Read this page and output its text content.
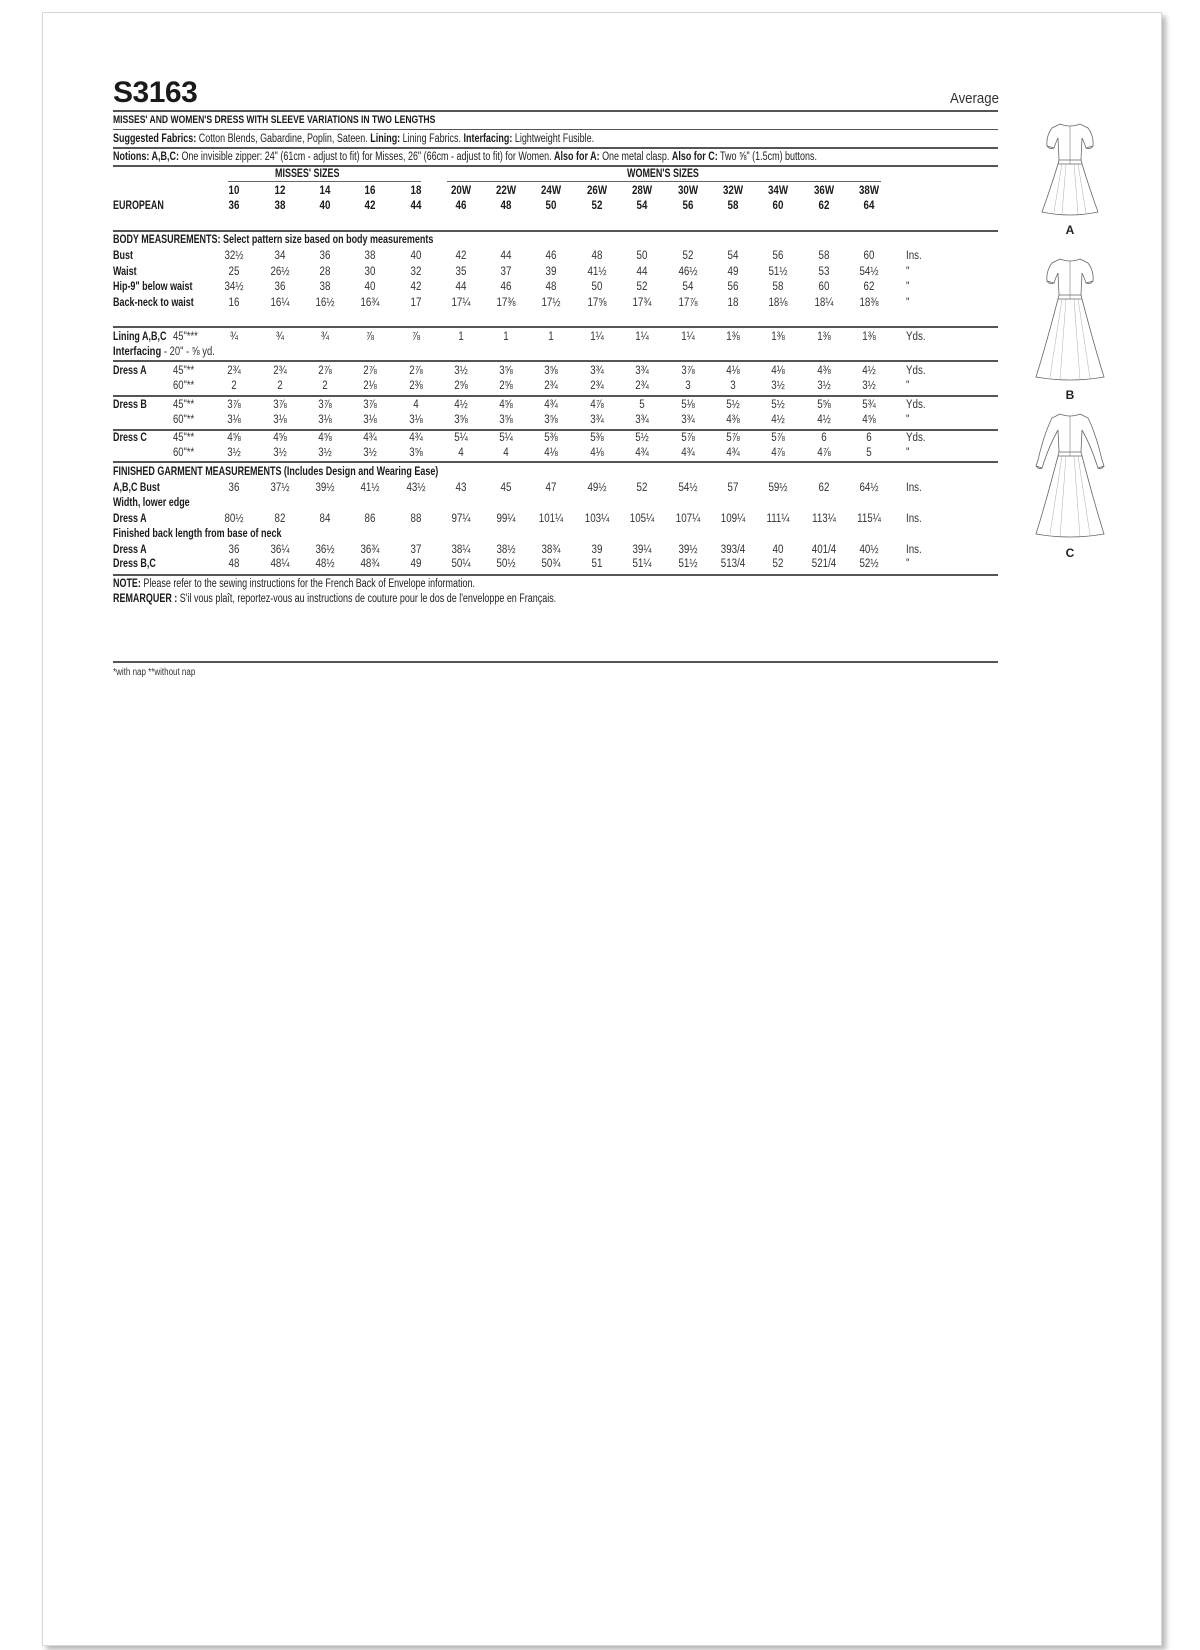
S3163	Average
MISSES' AND WOMEN'S DRESS WITH SLEEVE VARIATIONS IN TWO LENGTHS
Suggested Fabrics: Cotton Blends, Gabardine, Poplin, Sateen. Lining: Lining Fabrics. Interfacing: Lightweight Fusible.
Notions: A,B,C: One invisible zipper: 24" (61cm - adjust to fit) for Misses, 26" (66cm - adjust to fit) for Women. Also for A: One metal clasp. Also for C: Two ⅝" (1.5cm) buttons.
MISSES' SIZES	WOMEN'S SIZES
10	12	14	16	18	20W	22W	24W	26W	28W	30W	32W	34W	36W	38W
EUROPEAN	36	38	40	42	44	46	48	50	52	54	56	58	60	62	64
BODY MEASUREMENTS: Select pattern size based on body measurements
Bust	32½	34	36	38	40	42	44	46	48	50	52	54	56	58	60	Ins.
Waist	25	26½	28	30	32	35	37	39	41½	44	46½	49	51½	53	54½	"
Hip-9" below waist	34½	36	38	40	42	44	46	48	50	52	54	56	58	60	62	"
Back-neck to waist	16	16¼	16½	16¾	17	17¼	17⅜	17½	17⅝	17¾	17⅞	18	18⅛	18¼	18⅜	"
Lining A,B,C 45"***	¾	¾	¾	⅞	⅞	1	1	1	1¼	1¼	1¼	1⅜	1⅜	1⅜	1⅜	Yds.
Interfacing - 20" - ⅝ yd.
Dress A 45"**	2¾	2¾	2⅞	2⅞	2⅞	3½	3⅝	3⅝	3¾	3¾	3⅞	4⅛	4⅛	4⅜	4½	Yds.
60"**	2	2	2	2⅛	2⅜	2⅝	2⅝	2¾	2¾	2¾	3	3	3½	3½	3½	"
Dress B 45"**	3⅞	3⅞	3⅞	3⅞	4	4½	4⅝	4¾	4⅞	5	5⅛	5½	5½	5⅝	5¾	Yds.
60"**	3⅛	3⅛	3⅛	3⅛	3⅛	3⅝	3⅝	3⅝	3¾	3¾	3¾	4⅜	4½	4½	4⅝	"
Dress C 45"**	4⅝	4⅝	4⅝	4¾	4¾	5¼	5¼	5⅜	5⅜	5½	5⅞	5⅞	5⅞	6	6	Yds.
60"**	3½	3½	3½	3½	3⅝	4	4	4⅛	4⅛	4¾	4¾	4¾	4⅞	4⅞	5	"
FINISHED GARMENT MEASUREMENTS (Includes Design and Wearing Ease)
A,B,C Bust	36	37½	39½	41½	43½	43	45	47	49½	52	54½	57	59½	62	64½	Ins.
Width, lower edge
Dress A	80½	82	84	86	88	97¼	99¼	101¼	103¼	105¼	107¼	109¼	111¼	113¼	115¼	Ins.
Finished back length from base of neck
Dress A	36	36¼	36½	36¾	37	38¼	38½	38¾	39	39¼	39½	393/4	40	401/4	40½	Ins.
Dress B,C	48	48¼	48½	48¾	49	50¼	50½	50¾	51	51¼	51½	513/4	52	521/4	52½	"
NOTE: Please refer to the sewing instructions for the French Back of Envelope information.
REMARQUER : S'il vous plaît, reportez-vous au instructions de couture pour le dos de l'enveloppe en Français.
*with nap **without nap
A
B
C
